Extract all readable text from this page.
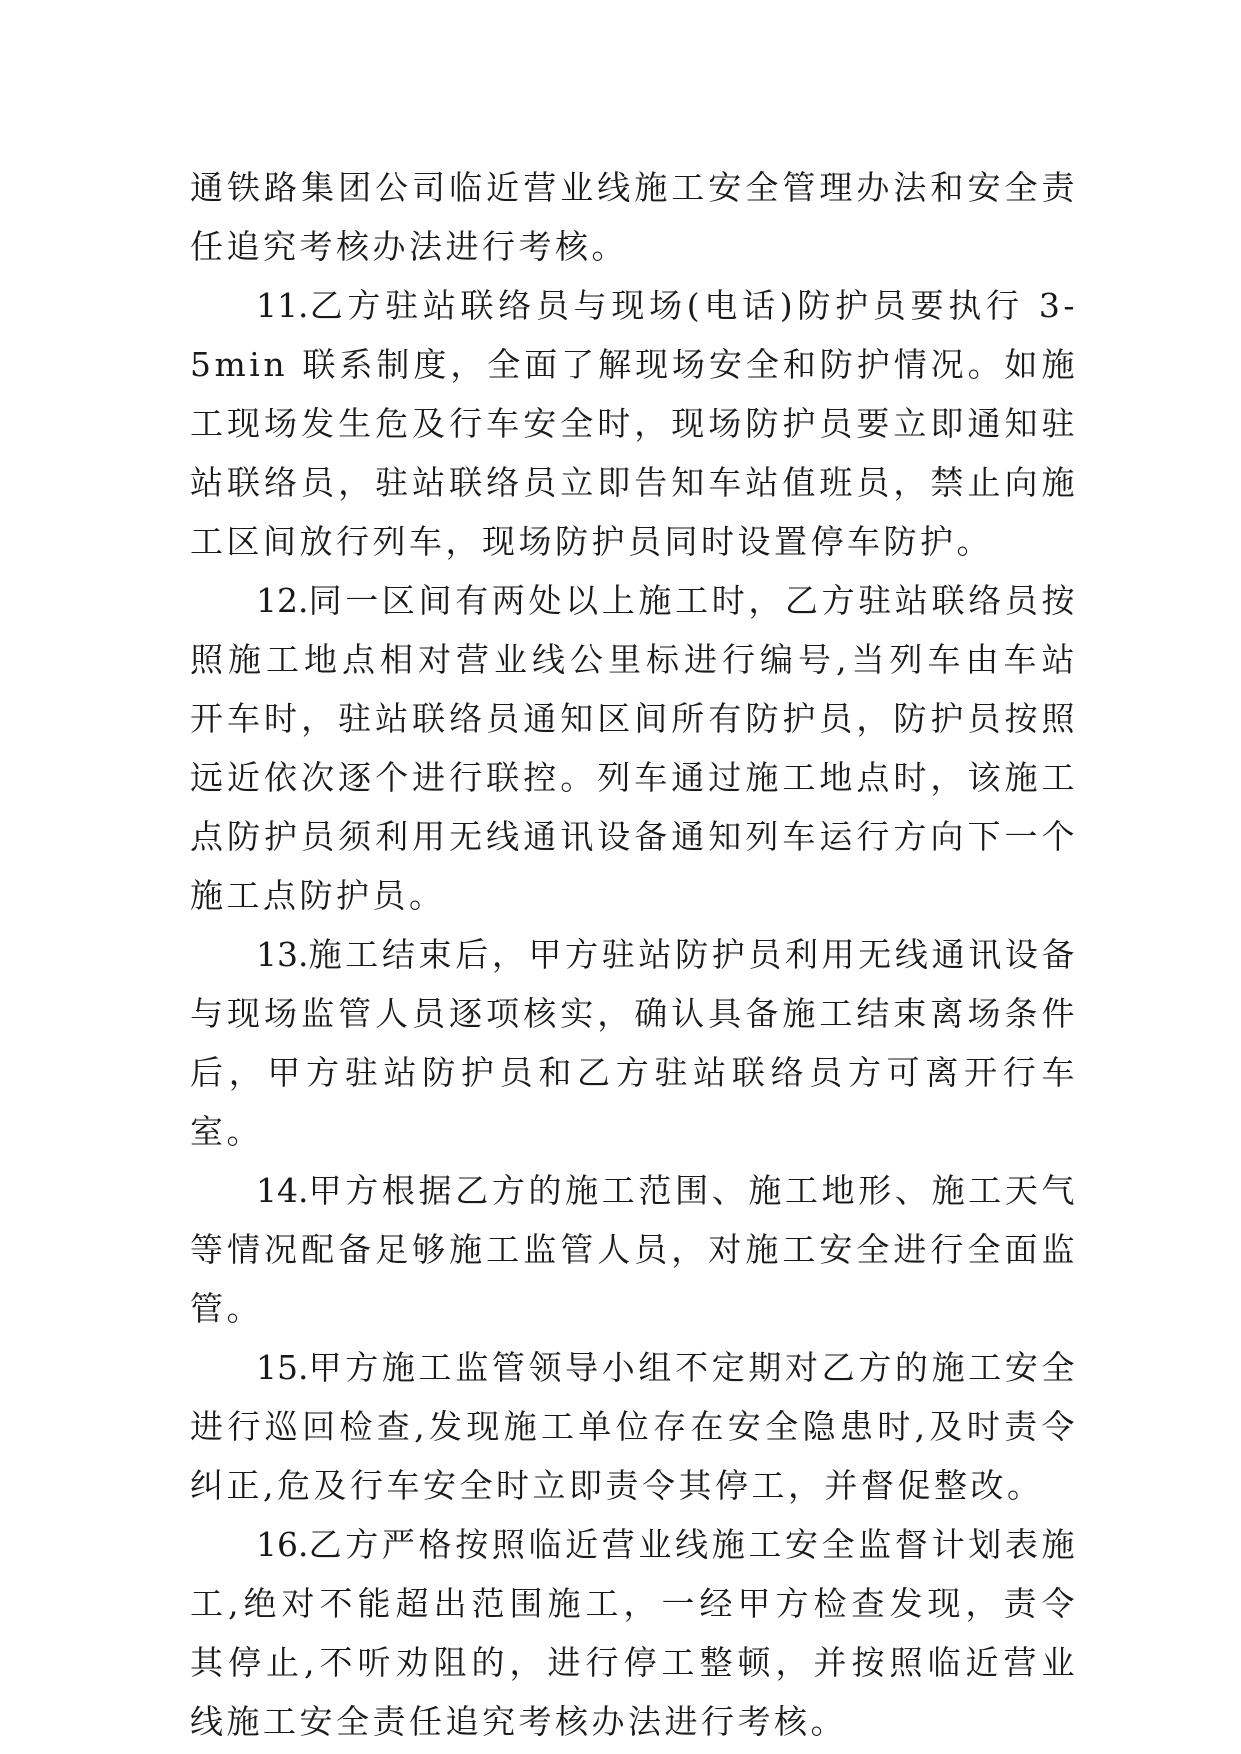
通铁路集团公司临近营业线施工安全管理办法和安全责任追究考核办法进行考核。

11.乙方驻站联络员与现场(电话)防护员要执行 3-5min 联系制度，全面了解现场安全和防护情况。如施工现场发生危及行车安全时，现场防护员要立即通知驻站联络员，驻站联络员立即告知车站值班员，禁止向施工区间放行列车，现场防护员同时设置停车防护。

12.同一区间有两处以上施工时，乙方驻站联络员按照施工地点相对营业线公里标进行编号,当列车由车站开车时，驻站联络员通知区间所有防护员，防护员按照远近依次逐个进行联控。列车通过施工地点时，该施工点防护员须利用无线通讯设备通知列车运行方向下一个施工点防护员。

13.施工结束后，甲方驻站防护员利用无线通讯设备与现场监管人员逐项核实，确认具备施工结束离场条件后，甲方驻站防护员和乙方驻站联络员方可离开行车室。

14.甲方根据乙方的施工范围、施工地形、施工天气等情况配备足够施工监管人员，对施工安全进行全面监管。

15.甲方施工监管领导小组不定期对乙方的施工安全进行巡回检查,发现施工单位存在安全隐患时,及时责令纠正,危及行车安全时立即责令其停工，并督促整改。

16.乙方严格按照临近营业线施工安全监督计划表施工,绝对不能超出范围施工，一经甲方检查发现，责令其停止,不听劝阻的，进行停工整顿，并按照临近营业线施工安全责任追究考核办法进行考核。
